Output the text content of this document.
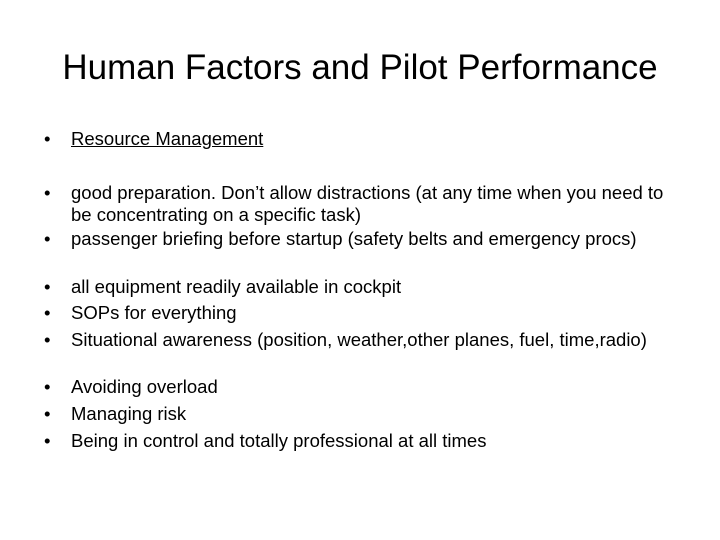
Human Factors and Pilot Performance
•	Resource Management
•	good preparation. Don’t allow distractions (at any time when you need to be concentrating on a specific task)
•	passenger briefing before startup (safety belts and emergency procs)
•	all equipment readily available in cockpit
•	SOPs for everything
•	Situational awareness (position, weather,other planes, fuel, time,radio)
•	Avoiding overload
•	Managing risk
•	Being in control and totally professional at all times
